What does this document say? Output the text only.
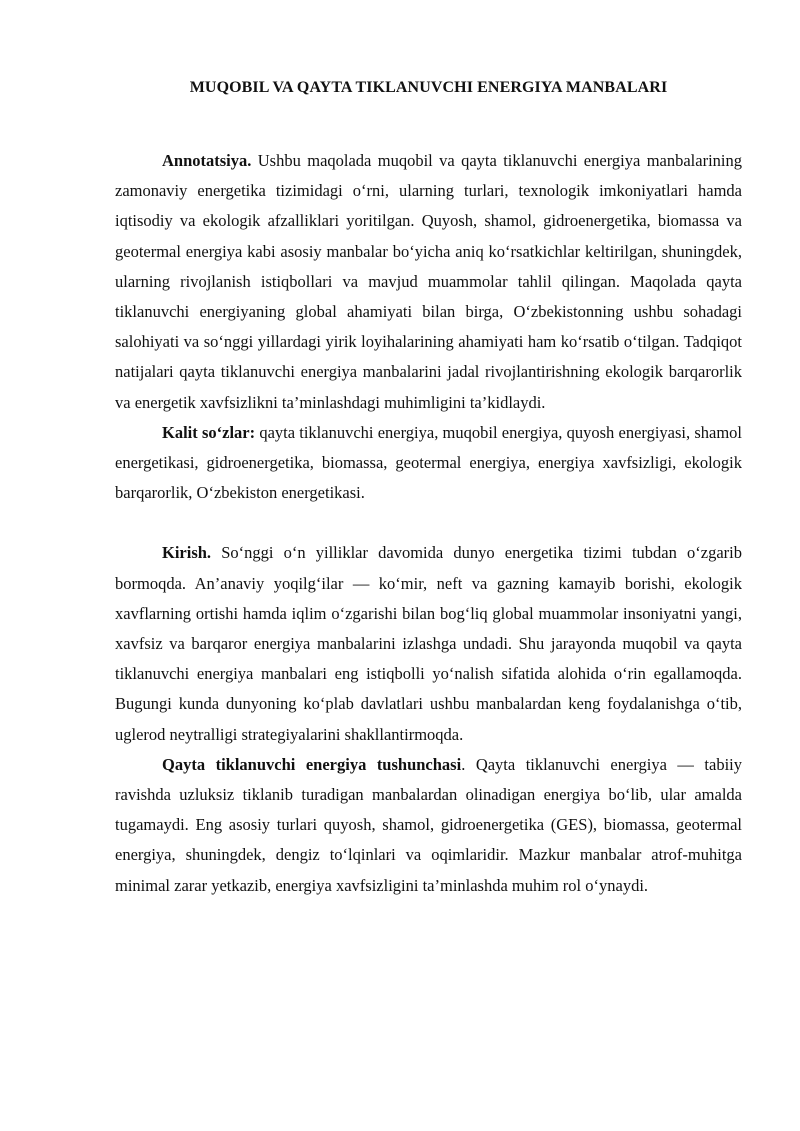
MUQOBIL VA QAYTA TIKLANUVCHI ENERGIYA MANBALARI

Annotatsiya. Ushbu maqolada muqobil va qayta tiklanuvchi energiya manbalarining zamonaviy energetika tizimidagi o‘rni, ularning turlari, texnologik imkoniyatlari hamda iqtisodiy va ekologik afzalliklari yoritilgan. Quyosh, shamol, gidroenergetika, biomassa va geotermal energiya kabi asosiy manbalar bo‘yicha aniq ko‘rsatkichlar keltirilgan, shuningdek, ularning rivojlanish istiqbollari va mavjud muammolar tahlil qilingan. Maqolada qayta tiklanuvchi energiyaning global ahamiyati bilan birga, O‘zbekistonning ushbu sohadagi salohiyati va so‘nggi yillardagi yirik loyihalarining ahamiyati ham ko‘rsatib o‘tilgan. Tadqiqot natijalari qayta tiklanuvchi energiya manbalarini jadal rivojlantirishning ekologik barqarorlik va energetik xavfsizlikni ta’minlashdagi muhimligini ta’kidlaydi.

Kalit so‘zlar: qayta tiklanuvchi energiya, muqobil energiya, quyosh energiyasi, shamol energetikasi, gidroenergetika, biomassa, geotermal energiya, energiya xavfsizligi, ekologik barqarorlik, O‘zbekiston energetikasi.

Kirish. So‘nggi o‘n yilliklar davomida dunyo energetika tizimi tubdan o‘zgarib bormoqda. An’anaviy yoqilg‘ilar — ko‘mir, neft va gazning kamayib borishi, ekologik xavflarning ortishi hamda iqlim o‘zgarishi bilan bog‘liq global muammolar insoniyatni yangi, xavfsiz va barqaror energiya manbalarini izlashga undadi. Shu jarayonda muqobil va qayta tiklanuvchi energiya manbalari eng istiqbolli yo‘nalish sifatida alohida o‘rin egallamoqda. Bugungi kunda dunyoning ko‘plab davlatlari ushbu manbalardan keng foydalanishga o‘tib, uglerod neytralligi strategiyalarini shakllantirmoqda.

Qayta tiklanuvchi energiya tushunchasi. Qayta tiklanuvchi energiya — tabiiy ravishda uzluksiz tiklanib turadigan manbalardan olinadigan energiya bo‘lib, ular amalda tugamaydi. Eng asosiy turlari quyosh, shamol, gidroenergetika (GES), biomassa, geotermal energiya, shuningdek, dengiz to‘lqinlari va oqimlaridir. Mazkur manbalar atrof-muhitga minimal zarar yetkazib, energiya xavfsizligini ta’minlashda muhim rol o‘ynaydi.
